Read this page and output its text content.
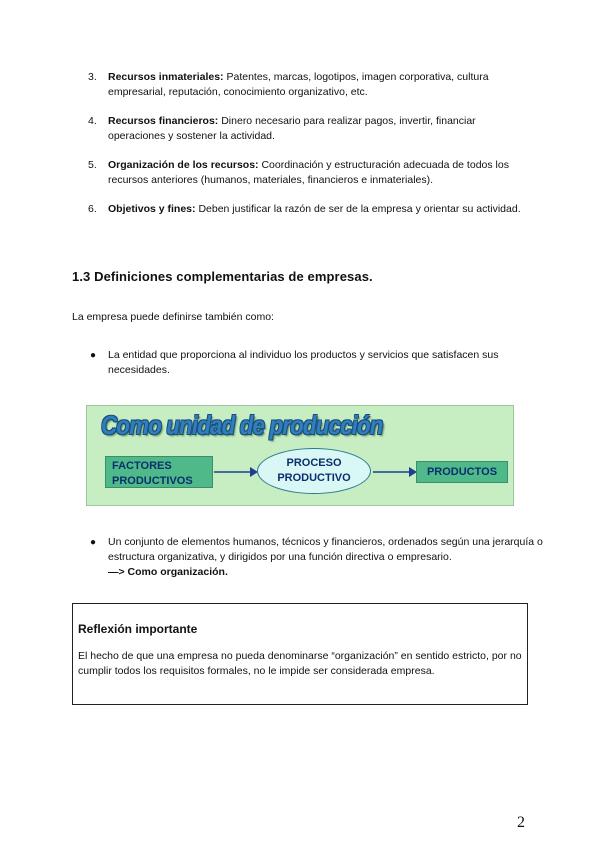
3. Recursos inmateriales: Patentes, marcas, logotipos, imagen corporativa, cultura empresarial, reputación, conocimiento organizativo, etc.
4. Recursos financieros: Dinero necesario para realizar pagos, invertir, financiar operaciones y sostener la actividad.
5. Organización de los recursos: Coordinación y estructuración adecuada de todos los recursos anteriores (humanos, materiales, financieros e inmateriales).
6. Objetivos y fines: Deben justificar la razón de ser de la empresa y orientar su actividad.
1.3 Definiciones complementarias de empresas.

La empresa puede definirse también como:

● La entidad que proporciona al individuo los productos y servicios que satisfacen sus necesidades.
Como unidad de producción
FACTORES
PRODUCTIVOS
PROCESO
PRODUCTIVO	PRODUCTOS
● Un conjunto de elementos humanos, técnicos y financieros, ordenados según una jerarquía o estructura organizativa, y dirigidos por una función directiva o empresario.
—> Como organización.
Reflexión importante
El hecho de que una empresa no pueda denominarse “organización” en sentido estricto, por no cumplir todos los requisitos formales, no le impide ser considerada empresa.
2
